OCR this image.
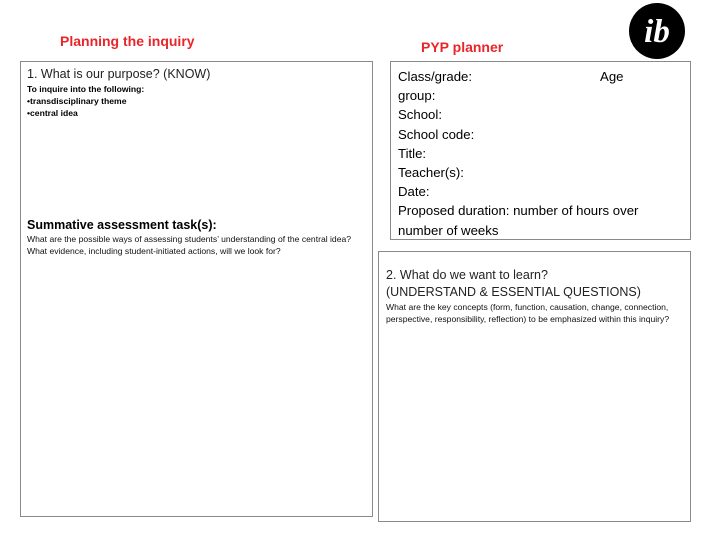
Planning the inquiry	PYP planner	ib
1. What is our purpose? (KNOW)
To inquire into the following:
•transdisciplinary theme
•central idea
Summative assessment task(s):
What are the possible ways of assessing students’ understanding of the central idea? What evidence, including student-initiated actions, will we look for?
Class/grade:	Age
group:
School:
School code:
Title:
Teacher(s):
Date:
Proposed duration: number of hours over number of weeks
2. What do we want to learn?
(UNDERSTAND & ESSENTIAL QUESTIONS)
What are the key concepts (form, function, causation, change, connection, perspective, responsibility, reflection) to be emphasized within this inquiry?
